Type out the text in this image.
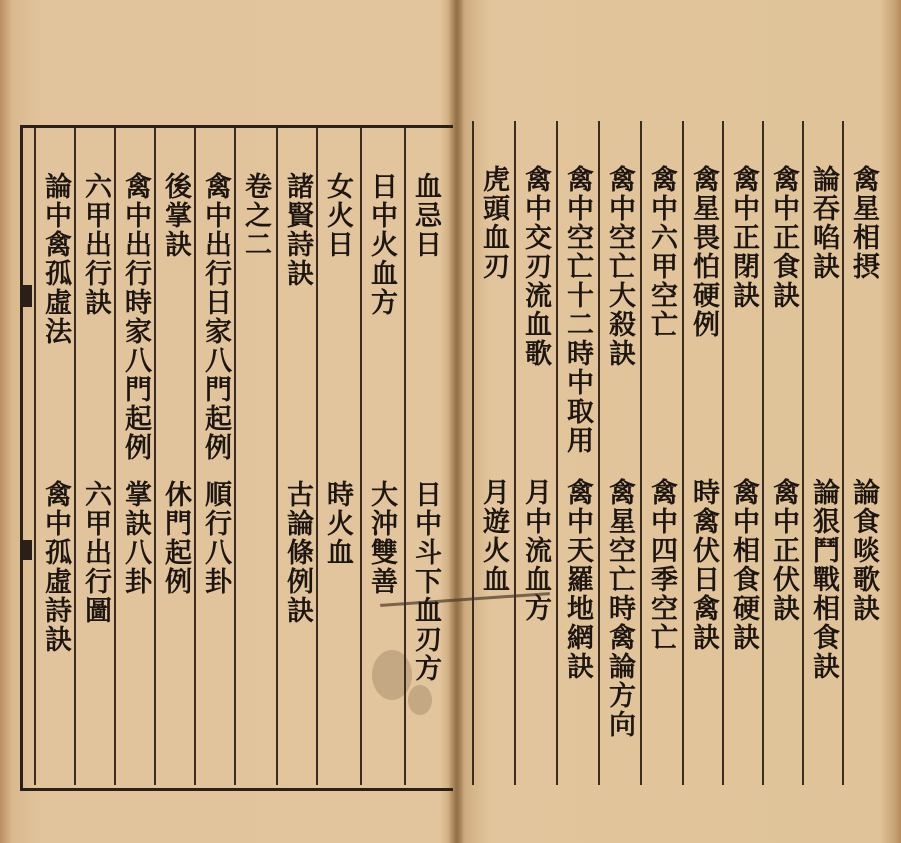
論中禽孤虛法
禽中孤虛詩訣
六甲出行訣
六甲出行圖
禽中出行時家八門起例
掌訣八卦
後掌訣
休門起例
禽中出行日家八門起例
順行八卦
卷之二 諸賢詩訣
古論條例訣
女火日
時火血
日中火血方
大沖雙善
血忌日
日中斗下血刃方
禽星相摂
論食啖歌訣
論吞啗訣
論狠鬥戰相食訣
禽中正食訣
禽中正伏訣
禽中正閉訣
禽中相食硬訣
禽星畏怕硬例
時禽伏日禽訣
禽中六甲空亡
禽中四季空亡
禽中空亡大殺訣
禽星空亡時禽論方向
禽中空亡十二時中取用
禽中天羅地網訣
禽中交刃流血歌
月中流血方
虎頭血刃
月遊火血
